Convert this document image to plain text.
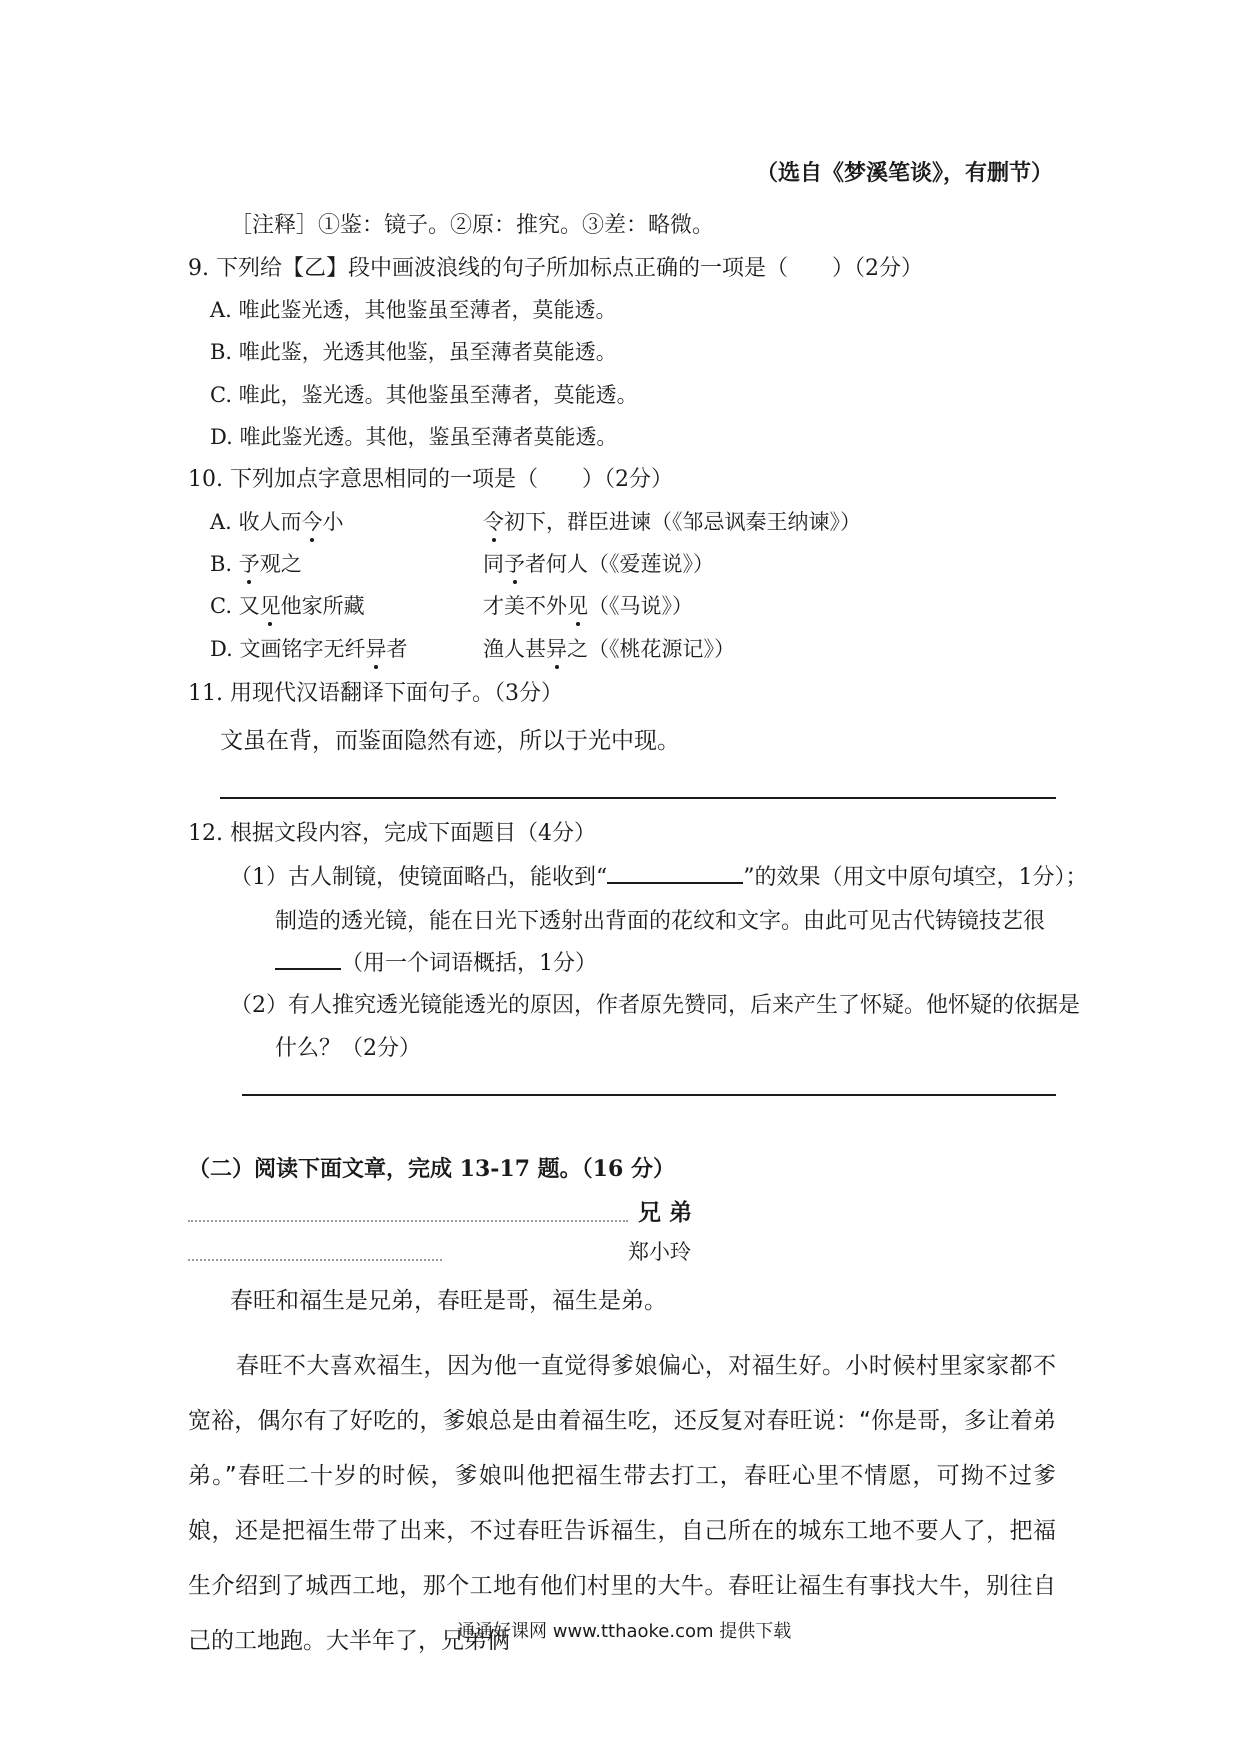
（选自《梦溪笔谈》，有删节）
［注释］①鉴：镜子。②原：推究。③差：略微。
9. 下列给【乙】段中画波浪线的句子所加标点正确的一项是（　　）（2分）
A. 唯此鉴光透，其他鉴虽至薄者，莫能透。
B. 唯此鉴，光透其他鉴，虽至薄者莫能透。
C. 唯此，鉴光透。其他鉴虽至薄者，莫能透。
D. 唯此鉴光透。其他，鉴虽至薄者莫能透。
10. 下列加点字意思相同的一项是（　　）（2分）
A. 收人而今小	令初下，群臣进谏（《邹忌讽秦王纳谏》）
B. 予观之	同予者何人（《爱莲说》）
C. 又见他家所藏	才美不外见（《马说》）
D. 文画铭字无纤异者	渔人甚异之（《桃花源记》）
11. 用现代汉语翻译下面句子。（3分）
文虽在背，而鉴面隐然有迹，所以于光中现。
12. 根据文段内容，完成下面题目（4分）
（1）古人制镜，使镜面略凸，能收到“	”的效果（用文中原句填空，1分）；
制造的透光镜，能在日光下透射出背面的花纹和文字。由此可见古代铸镜技艺很
（用一个词语概括，1分）
（2）有人推究透光镜能透光的原因，作者原先赞同，后来产生了怀疑。他怀疑的依据是
什么？（2分）
（二）阅读下面文章，完成 13-17 题。（16 分）
兄 弟
郑小玲

春旺和福生是兄弟，春旺是哥，福生是弟。

春旺不大喜欢福生，因为他一直觉得爹娘偏心，对福生好。小时候村里家家都不宽裕，偶尔有了好吃的，爹娘总是由着福生吃，还反复对春旺说：“你是哥，多让着弟弟。”春旺二十岁的时候，爹娘叫他把福生带去打工，春旺心里不情愿，可拗不过爹娘，还是把福生带了出来，不过春旺告诉福生，自己所在的城东工地不要人了，把福生介绍到了城西工地，那个工地有他们村里的大牛。春旺让福生有事找大牛，别往自己的工地跑。大半年了，兄弟俩

通通好课网 www.tthaoke.com 提供下载
